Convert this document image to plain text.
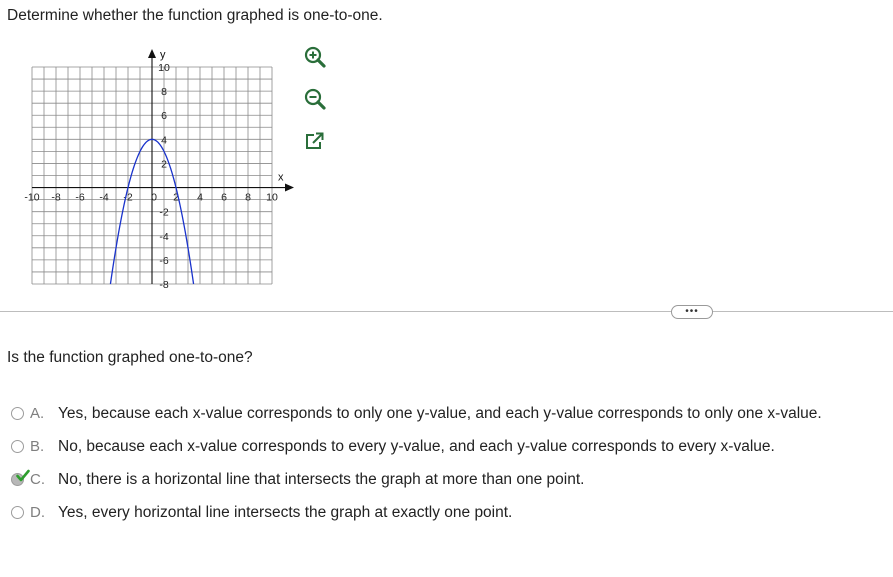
Determine whether the function graphed is one-to-one.
-10 -8 -6 -4 -2 0 2 4 6 8 10
10
8
6
4
2
-2
-4
-6
-8
x
y
•••
Is the function graphed one-to-one?
A. Yes, because each x-value corresponds to only one y-value, and each y-value corresponds to only one x-value.
B. No, because each x-value corresponds to every y-value, and each y-value corresponds to every x-value.
C. No, there is a horizontal line that intersects the graph at more than one point.
D. Yes, every horizontal line intersects the graph at exactly one point.
